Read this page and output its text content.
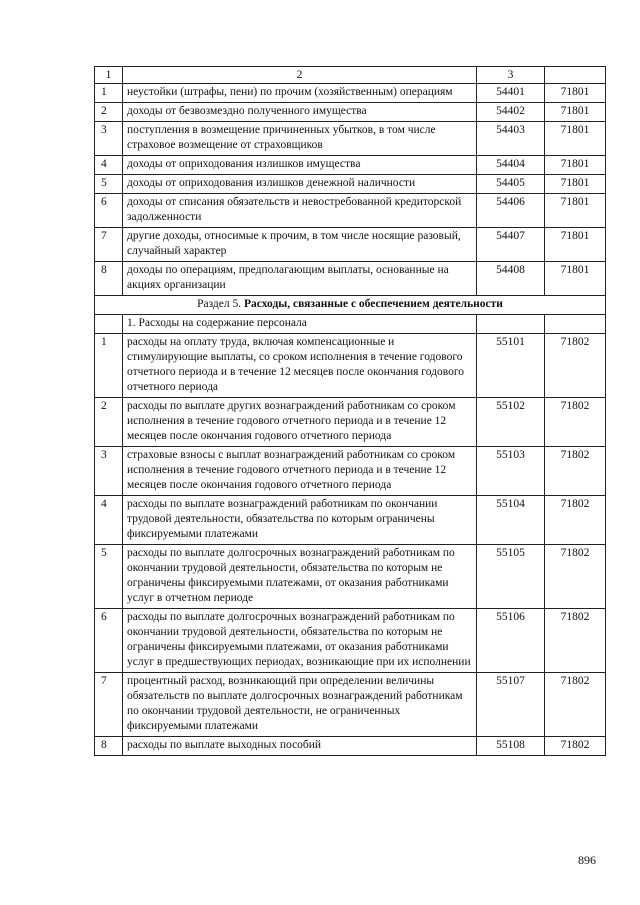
1	2	3	
1	неустойки (штрафы, пени) по прочим (хозяйственным) операциям	54401	71801
2	доходы от безвозмездно полученного имущества	54402	71801
3	поступления в возмещение причиненных убытков, в том числе страховое возмещение от страховщиков	54403	71801
4	доходы от оприходования излишков имущества	54404	71801
5	доходы от оприходования излишков денежной наличности	54405	71801
6	доходы от списания обязательств и невостребованной кредиторской задолженности	54406	71801
7	другие доходы, относимые к прочим, в том числе носящие разовый, случайный характер	54407	71801
8	доходы по операциям, предполагающим выплаты, основанные на акциях организации	54408	71801
Раздел 5. Расходы, связанные с обеспечением деятельности			
	1. Расходы на содержание персонала		
1	расходы на оплату труда, включая компенсационные и стимулирующие выплаты, со сроком исполнения в течение годового отчетного периода и в течение 12 месяцев после окончания годового отчетного периода	55101	71802
2	расходы по выплате других вознаграждений работникам со сроком исполнения в течение годового отчетного периода и в течение 12 месяцев после окончания годового отчетного периода	55102	71802
3	страховые взносы с выплат вознаграждений работникам со сроком исполнения в течение годового отчетного периода и в течение 12 месяцев после окончания годового отчетного периода	55103	71802
4	расходы по выплате вознаграждений работникам по окончании трудовой деятельности, обязательства по которым ограничены фиксируемыми платежами	55104	71802
5	расходы по выплате долгосрочных вознаграждений работникам по окончании трудовой деятельности, обязательства по которым не ограничены фиксируемыми платежами, от оказания работниками услуг в отчетном периоде	55105	71802
6	расходы по выплате долгосрочных вознаграждений работникам по окончании трудовой деятельности, обязательства по которым не ограничены фиксируемыми платежами, от оказания работниками услуг в предшествующих периодах, возникающие при их исполнении	55106	71802
7	процентный расход, возникающий при определении величины обязательств по выплате долгосрочных вознаграждений работникам по окончании трудовой деятельности, не ограниченных фиксируемыми платежами	55107	71802
8	расходы по выплате выходных пособий	55108	71802
896
